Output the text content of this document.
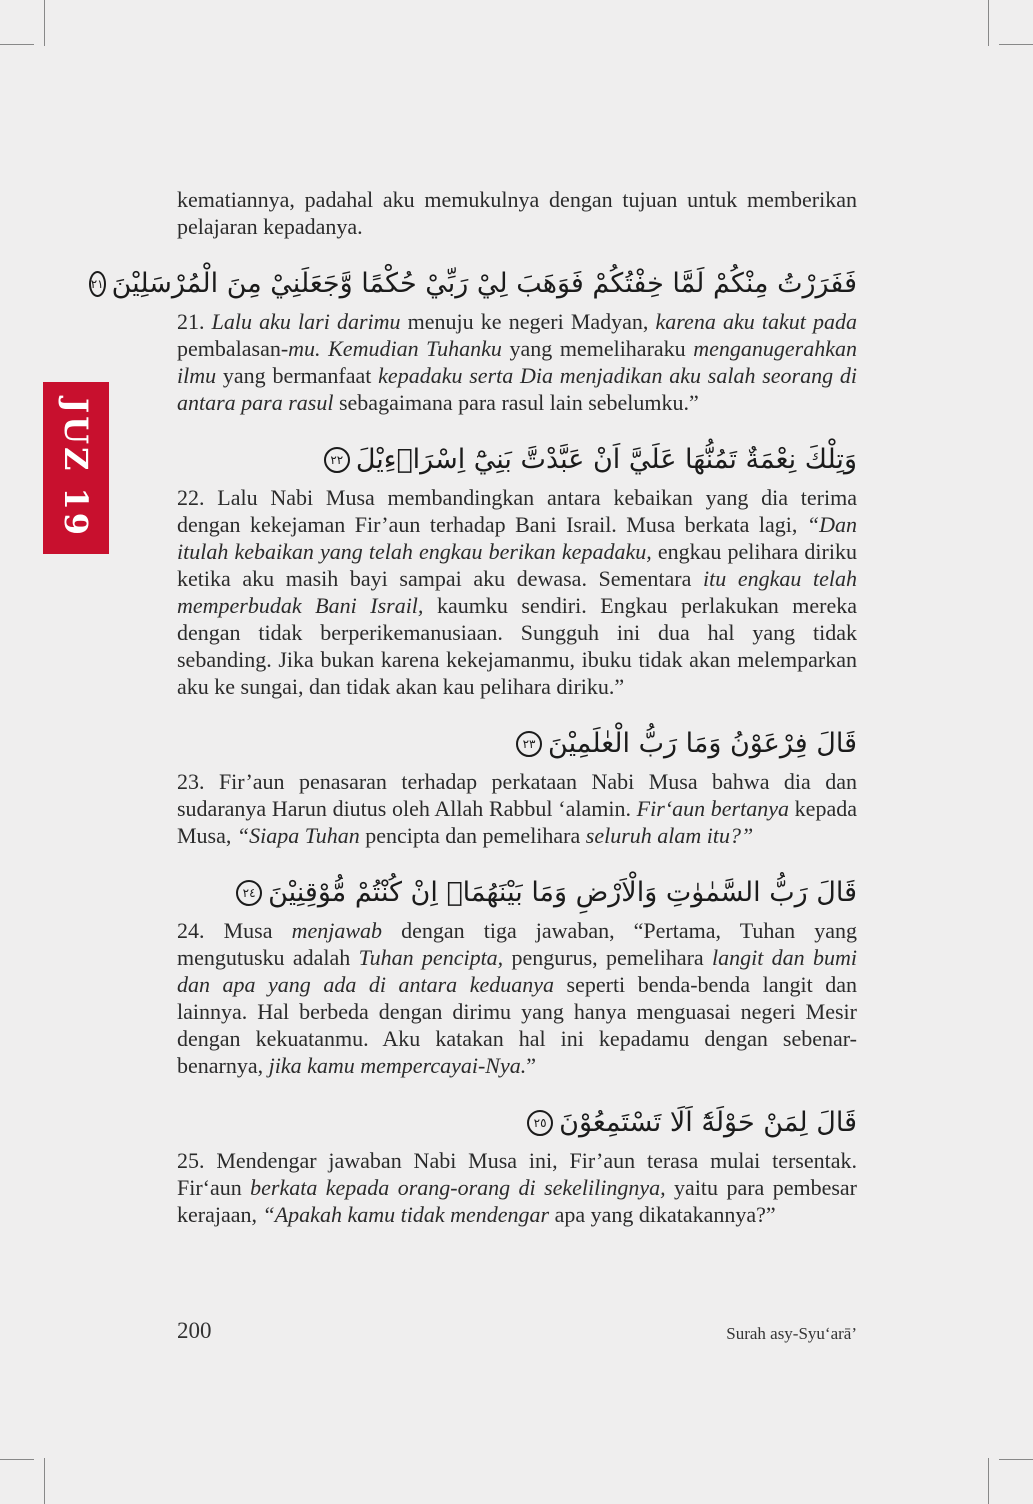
JUZ 19

kematiannya, padahal aku memukulnya dengan tujuan untuk memberikan pelajaran kepadanya.

فَفَرَرْتُ مِنْكُمْ لَمَّا خِفْتُكُمْ فَوَهَبَ لِيْ رَبِّيْ حُكْمًا وَّجَعَلَنِيْ مِنَ الْمُرْسَلِيْنَ
٢١

21. Lalu aku lari darimu menuju ke negeri Madyan, karena aku takut pada pembalasan-mu. Kemudian Tuhanku yang memeliharaku menganugerahkan ilmu yang bermanfaat kepadaku serta Dia menjadikan aku salah seorang di antara para rasul sebagaimana para rasul lain sebelumku.”

وَتِلْكَ نِعْمَةٌ تَمُنُّهَا عَلَيَّ اَنْ عَبَّدْتَّ بَنِيْٓ اِسْرَاۤءِيْلَ
٢٢

22. Lalu Nabi Musa membandingkan antara kebaikan yang dia terima dengan kekejaman Fir’aun terhadap Bani Israil. Musa berkata lagi, “Dan itulah kebaikan yang telah engkau berikan kepadaku, engkau pelihara diriku ketika aku masih bayi sampai aku dewasa. Sementara itu engkau telah memperbudak Bani Israil, kaumku sendiri. Engkau perlakukan mereka dengan tidak berperikemanusiaan. Sungguh ini dua hal yang tidak sebanding. Jika bukan karena kekejamanmu, ibuku tidak akan melemparkan aku ke sungai, dan tidak akan kau pelihara diriku.”

قَالَ فِرْعَوْنُ وَمَا رَبُّ الْعٰلَمِيْنَ
٢٣

23. Fir’aun penasaran terhadap perkataan Nabi Musa bahwa dia dan sudaranya Harun diutus oleh Allah Rabbul ‘alamin. Fir‘aun bertanya kepada Musa, “Siapa Tuhan pencipta dan pemelihara seluruh alam itu?”

قَالَ رَبُّ السَّمٰوٰتِ وَالْاَرْضِ وَمَا بَيْنَهُمَاۗ اِنْ كُنْتُمْ مُّوْقِنِيْنَ
٢٤

24. Musa menjawab dengan tiga jawaban, “Pertama, Tuhan yang mengutusku adalah Tuhan pencipta, pengurus, pemelihara langit dan bumi dan apa yang ada di antara keduanya seperti benda-benda langit dan lainnya. Hal berbeda dengan dirimu yang hanya menguasai negeri Mesir dengan kekuatanmu. Aku katakan hal ini kepadamu dengan sebenar-benarnya, jika kamu mempercayai-Nya.”

قَالَ لِمَنْ حَوْلَهٗٓ اَلَا تَسْتَمِعُوْنَ
٢٥

25. Mendengar jawaban Nabi Musa ini, Fir’aun terasa mulai tersentak. Fir‘aun berkata kepada orang-orang di sekelilingnya, yaitu para pembesar kerajaan, “Apakah kamu tidak mendengar apa yang dikatakannya?”

200	Surah asy-Syu‘arā’
